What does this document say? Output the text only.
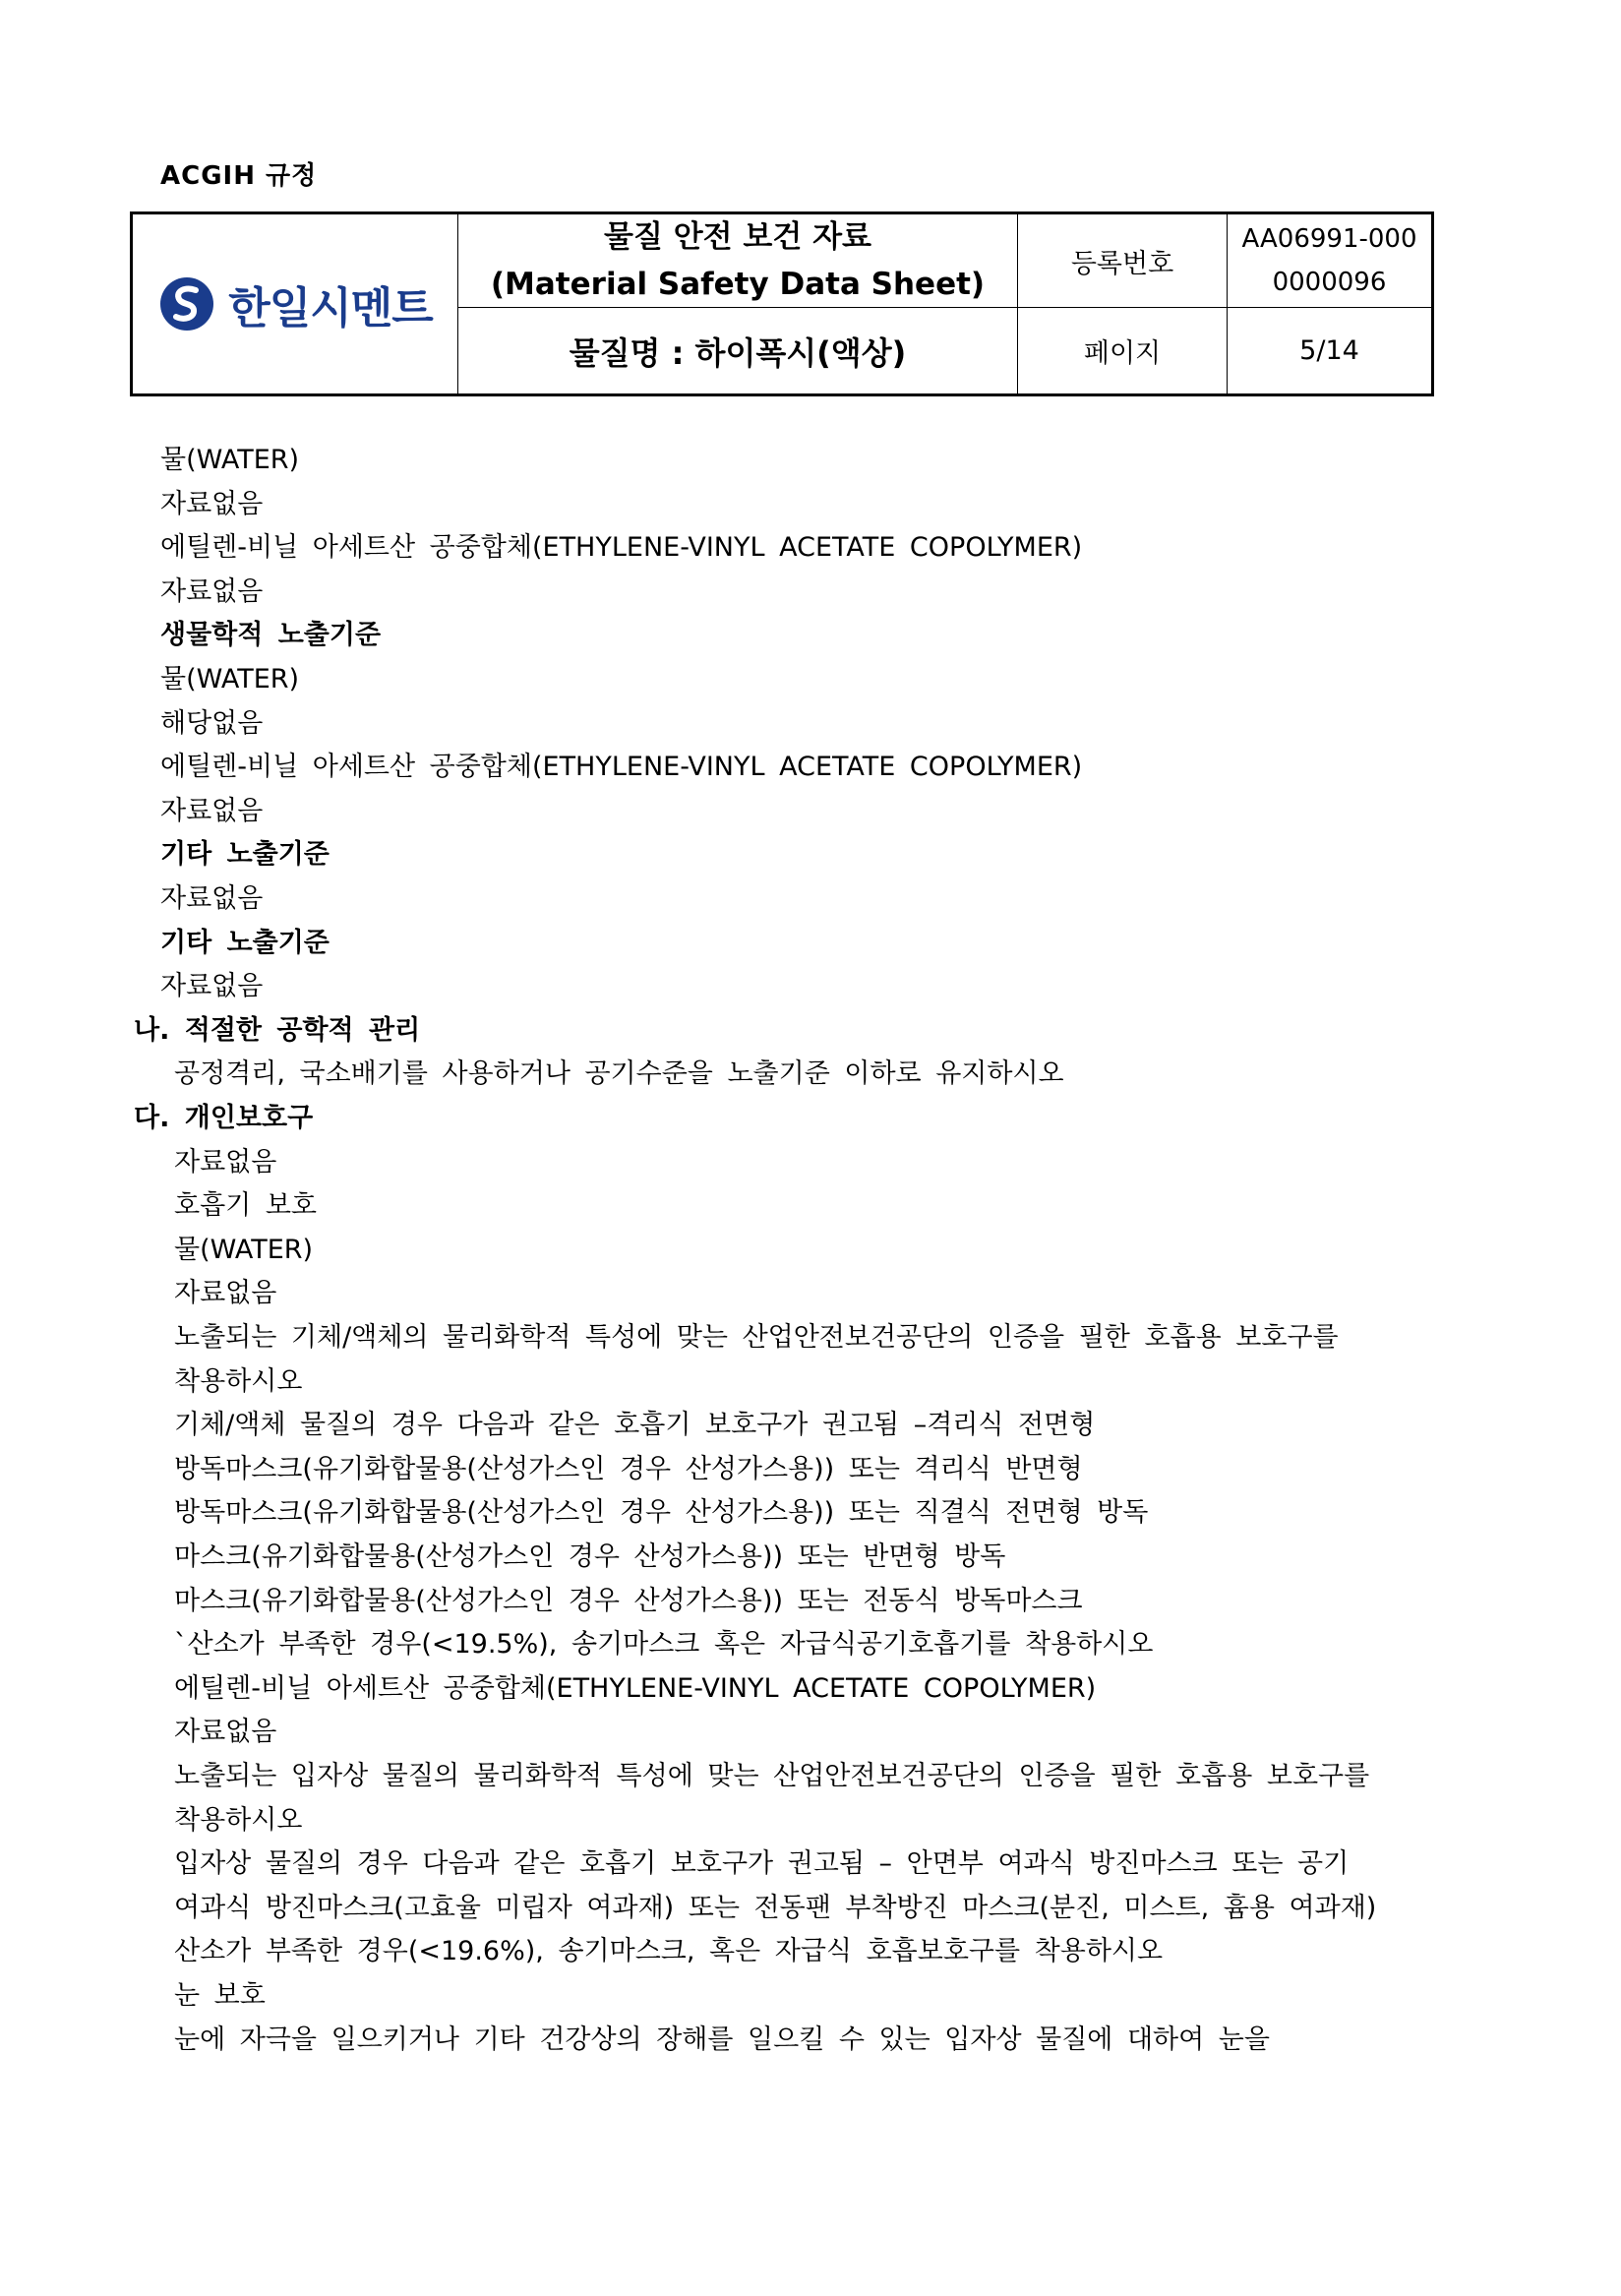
ACGIH 규정
한일시멘트
물질 안전 보건 자료
(Material Safety Data Sheet)
등록번호
AA06991-000
0000096
물질명 : 하이폭시(액상)	페이지	5/14
물(WATER)
자료없음
에틸렌-비닐 아세트산 공중합체(ETHYLENE-VINYL ACETATE COPOLYMER)
자료없음
생물학적 노출기준
물(WATER)
해당없음
에틸렌-비닐 아세트산 공중합체(ETHYLENE-VINYL ACETATE COPOLYMER)
자료없음
기타 노출기준
자료없음
기타 노출기준
자료없음
나. 적절한 공학적 관리
공정격리, 국소배기를 사용하거나 공기수준을 노출기준 이하로 유지하시오
다. 개인보호구
자료없음
호흡기 보호
물(WATER)
자료없음
노출되는 기체/액체의 물리화학적 특성에 맞는 산업안전보건공단의 인증을 필한 호흡용 보호구를
착용하시오
기체/액체 물질의 경우 다음과 같은 호흡기 보호구가 권고됨 –격리식 전면형
방독마스크(유기화합물용(산성가스인 경우 산성가스용)) 또는 격리식 반면형
방독마스크(유기화합물용(산성가스인 경우 산성가스용)) 또는 직결식 전면형 방독
마스크(유기화합물용(산성가스인 경우 산성가스용)) 또는 반면형 방독
마스크(유기화합물용(산성가스인 경우 산성가스용)) 또는 전동식 방독마스크
`산소가 부족한 경우(<19.5%), 송기마스크 혹은 자급식공기호흡기를 착용하시오
에틸렌-비닐 아세트산 공중합체(ETHYLENE-VINYL ACETATE COPOLYMER)
자료없음
노출되는 입자상 물질의 물리화학적 특성에 맞는 산업안전보건공단의 인증을 필한 호흡용 보호구를
착용하시오
입자상 물질의 경우 다음과 같은 호흡기 보호구가 권고됨 – 안면부 여과식 방진마스크 또는 공기
여과식 방진마스크(고효율 미립자 여과재) 또는 전동팬 부착방진 마스크(분진, 미스트, 흄용 여과재)
산소가 부족한 경우(<19.6%), 송기마스크, 혹은 자급식 호흡보호구를 착용하시오
눈 보호
눈에 자극을 일으키거나 기타 건강상의 장해를 일으킬 수 있는 입자상 물질에 대하여 눈을
